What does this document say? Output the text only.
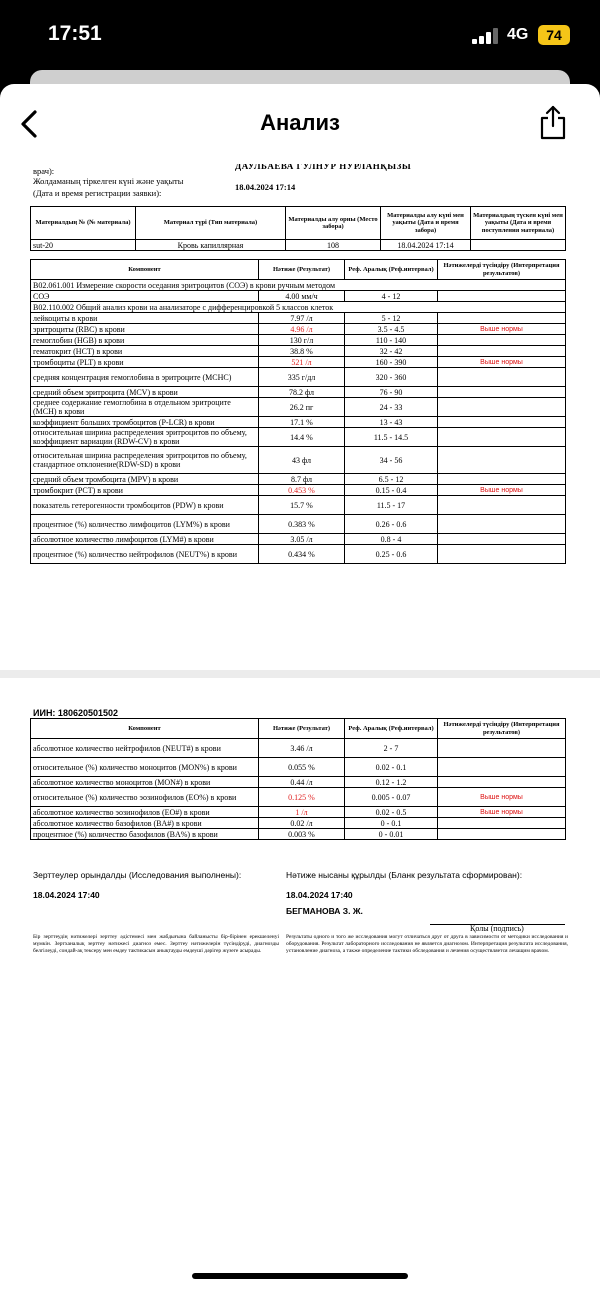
17:51	4G	74
Анализ
ДАУЛБАЕВА ГУЛНУР НУРЛАНҚЫЗЫ
врач):
Жолдаманың тіркелген күні және уақыты
(Дата и время регистрации заявки):
18.04.2024 17:14
Материалдың № (№ материала)	Материал түрі (Тип материала)	Материалды алу орны (Место забора)	Материалды алу күні мен уақыты (Дата и время забора)	Материалдың түскен күні мен уақыты (Дата и время поступления материала)
sut-20	Кровь капиллярная	108	18.04.2024 17:14	
Компонент	Нәтиже (Результат)	Реф. Аралық (Реф.интервал)	Нәтижелерді түсіндіру (Интерпретация результатов)
В02.061.001 Измерение скорости оседания эритроцитов (СОЭ) в крови ручным методом			
СОЭ	4.00 мм/ч	4 - 12	
В02.110.002 Общий анализ крови на анализаторе с дифференцировкой 5 классов клеток			
лейкоциты в крови	7.97 /л	5 - 12	
эритроциты (RBC) в крови	4.96 /л	3.5 - 4.5	Выше нормы
гемоглобин (HGB) в крови	130 г/л	110 - 140	
гематокрит (HCT) в крови	38.8 %	32 - 42	
тромбоциты (PLT) в крови	521 /л	160 - 390	Выше нормы
средняя концентрация гемоглобина в эритроците (MCHC)	335 г/дл	320 - 360	
средний объем эритроцита (MCV) в крови	78.2 фл	76 - 90	
среднее содержание гемоглобина в отдельном эритроците (MCH) в крови	26.2 пг	24 - 33	
коэффициент больших тромбоцитов (P-LCR) в крови	17.1 %	13 - 43	
относительная ширина распределения эритроцитов по объему, коэффициент вариации (RDW-CV) в крови	14.4 %	11.5 - 14.5	
относительная ширина распределения эритроцитов по объему, стандартное отклонение(RDW-SD) в крови	43 фл	34 - 56	
средний объем тромбоцита (MPV) в крови	8.7 фл	6.5 - 12	
тромбокрит (PCT) в крови	0.453 %	0.15 - 0.4	Выше нормы
показатель гетерогенности тромбоцитов (PDW) в крови	15.7 %	11.5 - 17	
процентное (%) количество лимфоцитов (LYM%) в крови	0.383 %	0.26 - 0.6	
абсолютное количество лимфоцитов (LYM#) в крови	3.05 /л	0.8 - 4	
процентное (%) количество нейтрофилов (NEUT%) в крови	0.434 %	0.25 - 0.6	
ИИН: 180620501502
Компонент	Нәтиже (Результат)	Реф. Аралық (Реф.интервал)	Нәтижелерді түсіндіру (Интерпретация результатов)
абсолютное количество нейтрофилов (NEUT#) в крови	3.46 /л	2 - 7	
относительное (%) количество моноцитов (MON%) в крови	0.055 %	0.02 - 0.1	
абсолютное количество моноцитов (MON#) в крови	0.44 /л	0.12 - 1.2	
относительное (%) количество эозинофилов (EO%) в крови	0.125 %	0.005 - 0.07	Выше нормы
абсолютное количество эозинофилов (EO#) в крови	1 /л	0.02 - 0.5	Выше нормы
абсолютное количество базофилов (BA#) в крови	0.02 /л	0 - 0.1	
процентное (%) количество базофилов (BA%) в крови	0.003 %	0 - 0.01	
Зерттеулер орындалды (Исследования выполнены):
18.04.2024 17:40
Нәтиже нысаны құрылды (Бланк результата сформирован):
18.04.2024 17:40
БЕГМАНОВА З. Ж.
Қолы (подпись)
Бір зерттеудің нәтижелері зерттеу әдістемесі мен жабдығына байланысты бір-бірінен ерекшеленуі мүмкін. Зертханалық зерттеу нәтижесі диагноз емес. Зерттеу нәтижелерін түсіндіруді, диагнозды белгілеуді, сондай-ақ тексеру мен емдеу тактикасын анықтауды емдеуші дәрігер жүзеге асырады.
Результаты одного и того же исследования могут отличаться друг от друга в зависимости от методики исследования и оборудования. Результат лабораторного исследования не является диагнозом. Интерпретация результата исследования, установление диагноза, а также определение тактики обследования и лечения осуществляется лечащим врачом.
